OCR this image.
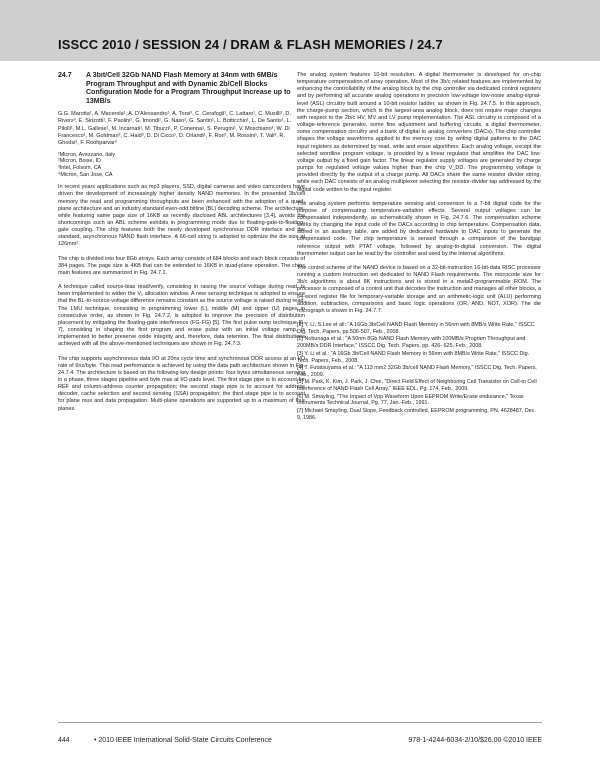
ISSCC 2010 / SESSION 24 / DRAM & FLASH MEMORIES / 24.7
24.7 A 3bit/Cell 32Gb NAND Flash Memory at 34nm with 6MB/s Program Throughput and with Dynamic 2b/Cell Blocks Configuration Mode for a Program Throughput Increase up to 13MB/s
G.G. Marotta¹, A. Macerola¹, A. D'Alessandro¹, A. Torsi², C. Cerafogli¹, C. Lattaro¹, C. Musilli¹, D. Rivers³, E. Sirizotti¹, F. Paolini¹, G. Imondi¹, G. Naso¹, G. Santin¹, L. Botticchio¹, L. De Santis¹, L. Pilolli¹, M.L. Gallese¹, M. Incarnati¹, M. Tiburzi¹, P. Conenna¹, S. Perugini¹, V. Moschiano¹, W. Di Francesco¹, M. Goldman³, C. Haid³, D. Di Cicco¹, D. Orlandi¹, F. Rori¹, M. Rossini¹, T. Vali³, R. Ghodsi³, F. Roohparvar³
¹Micron, Avezzano, Italy
²Micron, Boise, ID
³Intel, Folsom, CA
⁴Micron, San Jose, CA

In recent years applications such as mp3 players, SSD, digital cameras and video camcorders have driven the development of increasingly higher density NAND memories. In the presented 3b/cell memory the read and programming throughputs are been enhanced with the adoption of a quad-plane architecture and an industry standard even-odd bitline (BL) decoding scheme. The architecture, while featuring same page size of 16KB as recently disclosed ABL architectures [3,4], avoids the shortcomings such an ABL scheme exhibits in programming mode due to floating-gate-to-floating-gate coupling. The chip features both the newly developed synchronous DDR interface and the standard, asynchronous NAND flash interface. A 66-cell string is adopted to optimize the die size at 126mm².

The chip is divided into four 8Gb arrays. Each array consists of 684 blocks and each block consists of 384 pages. The page size is 4KB that can be extended to 16KB in quad-plane operation. The chips main features are summarized in Fig. 24.7.1.

A technique called source-bias read/verify, consisting in raising the source voltage during read, is been implemented to widen the V₁ allocation window. A new sensing technique is adopted to ensure that the BL-to-source-voltage difference remains constant as the source voltage is raised during read. The LMU technique, consisting in programming lower (L), middle (M) and upper (U) pages in consecutive order, as shown in Fig. 24.7.2, is adopted to improve the precision of distribution placement by mitigating the floating-gate interference (FG-FG) [5]. The first pulse ramp technique [6-7], consisting in shaping the first program and erase pulse with an initial voltage ramp, is implemented to better preserve oxide integrity and, therefore, data retention. The final distributions achieved with all the above-mentioned techniques are shown in Fig. 24.7.3.

The chip supports asynchronous data I/O at 20ns cycle time and synchronous DDR access at an I/O rate of 6ns/byte. This read performance is achieved by using the data path architecture shown in Fig. 24.7.4. The architecture is based on the following key design points: four bytes simultaneous sensing in a phase, three stages pipeline and byte max at I/O pads level. The first stage pipe is to account for REF and column-address counter propagation; the second stage pipe is to account for address decoder, cache selection and second sensing (SSA) propagation; the third stage pipe is to account for plane mux and data propagation. Multi-plane operations are supported up to a maximum of four planes.

The analog system features 10-bit resolution. A digital thermometer is developed for on-chip temperature compensation of array operation. Most of the 3b/c related features are implemented by enhancing the controllability of the analog block by the chip controller via dedicated control registers and by performing all accurate analog operations in precision low-voltage low-noise analog-signal-level (ASL) circuitry built around a 10-bit resistor ladder, as shown in Fig. 24.7.5. In this approach, the charge-pump section, which is the largest-area analog block, does not require major changes with respect to the 2b/c HV, MV and LV pump implementation. The ASL circuitry is composed of a voltage-reference generator, some fine adjustment and buffering circuits, a digital thermometer, some compensation circuitry and a bank of digital to analog converters (DACs). The chip controller shapes the voltage waveforms applied to the memory core by writing digital patterns to the DAC input registers as determined by read, write and erase algorithms. Each analog voltage, except the selected wordline program voltage, is provided by a linear regulator that amplifies the DAC low-voltage output by a fixed gain factor. The linear regulator supply voltages are generated by charge pumps for regulated voltage values higher than the chip V_DD. The programming voltage is provided directly by the output of a charge pump. All DACs share the same resistor divider string, while each DAC consists of an analog multiplexer selecting the resistor-divider tap addressed by the digital code written to the input register.

The analog system performs temperature sensing and conversion to a 7-bit digital code for the purpose of compensating temperature-variation effects. Several output voltages can be compensated independently, as schematically shown in Fig. 24.7.6. The compensation scheme works by changing the input code of the DACs according to chip temperature. Compensation data, stored in an auxiliary table, are added by dedicated hardware to DAC inputs to generate the compensated code. The chip temperature is sensed through a comparison of the bandgap reference output with PTAT voltage, followed by analog-to-digital conversion. The digital thermometer output can be read by the controller and used by the internal algorithms.

The control scheme of the NAND device is based on a 32-bit-instruction 16-bit-data RISC processor running a custom instruction set dedicated to NAND Flash requirements. The microcode size for 3b/c algorithms is about 8K instructions and is stored in a metal2-programmable ROM. The processor is composed of a control unit that decodes the instruction and manages all other blocks, a 64-word register file for temporary-variable storage and an arithmetic-logic unit (ALU) performing addition, subtraction, comparisons and basic logic operations (OR, AND, NOT, XOR). The die micrograph is shown in Fig. 24.7.7.

[1] Y. Li, S.Lee et all: "A 16Gb 3b/Cell NAND Flash Memory in 56nm with 8MB/s Write Rate," ISSCC Dig. Tech. Papers, pp.506-507, Feb., 2008.
[2] Nobunaga et al.: "A 50nm 8Gb NAND Flash Memory with 100MB/s Program Throughput and 200MB/s DDR Interface," ISSCC Dig. Tech. Papers, pp. 426- 625, Feb., 2008.
[3] Y. Li et al.: "A 16Gb 3b/Cell NAND Flash Memory in 56nm with 8MB/s Write Rate," ISSCC Dig. Tech. Papers, Feb., 2008.
[4] T. Futatsuyama et al.: "A 113 mm2 32Gb 3b/cell NAND Flash Memory," ISSCC Dig. Tech. Papers, Feb., 2009.
[5] M. Park, K. Kim, J. Park, J. Choi, "Direct Field Effect of Neighboring Cell Transistor on Cell-to Cell Interference of NAND Flash Cell Array," IEEE EDL, Pg. 174, Feb., 2009.
[6] M. Smayling, "The Impact of Vpp Waveform Upon EEPROM Write/Erase endurance," Texas Instruments Technical Journal, Pg. 77, Jan.-Feb., 1991.
[7] Michael Smayling, Dual Slope, Feedback controlled, EEPROM programming, PN. 4628487, Dec. 9, 1986.
444	• 2010 IEEE International Solid-State Circuits Conference	978-1-4244-6034-2/10/$26.00 ©2010 IEEE
